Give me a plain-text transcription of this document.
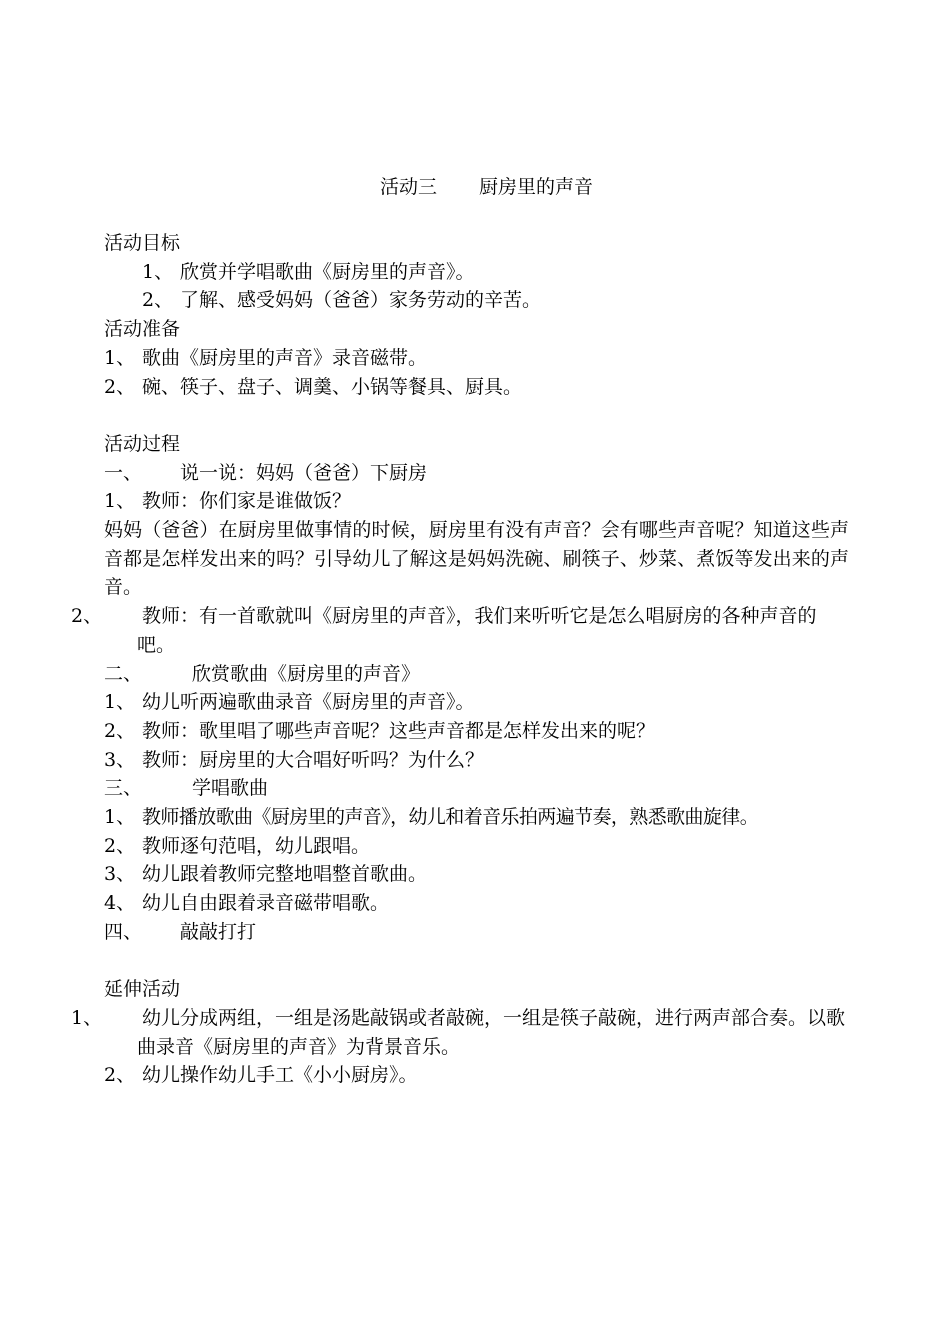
活动三 厨房里的声音
活动目标
1、 欣赏并学唱歌曲《厨房里的声音》。
2、 了解、感受妈妈（爸爸）家务劳动的辛苦。
活动准备
1、 歌曲《厨房里的声音》录音磁带。
2、 碗、筷子、盘子、调羹、小锅等餐具、厨具。
活动过程
一、 说一说：妈妈（爸爸）下厨房
1、 教师：你们家是谁做饭？
妈妈（爸爸）在厨房里做事情的时候，厨房里有没有声音？会有哪些声音呢？知道这些声音都是怎样发出来的吗？引导幼儿了解这是妈妈洗碗、刷筷子、炒菜、煮饭等发出来的声音。
2、 教师：有一首歌就叫《厨房里的声音》，我们来听听它是怎么唱厨房的各种声音的吧。
二、	欣赏歌曲《厨房里的声音》
1、 幼儿听两遍歌曲录音《厨房里的声音》。
2、 教师：歌里唱了哪些声音呢？这些声音都是怎样发出来的呢？
3、 教师：厨房里的大合唱好听吗？为什么？
三、	学唱歌曲
1、 教师播放歌曲《厨房里的声音》，幼儿和着音乐拍两遍节奏，熟悉歌曲旋律。
2、 教师逐句范唱，幼儿跟唱。
3、 幼儿跟着教师完整地唱整首歌曲。
4、 幼儿自由跟着录音磁带唱歌。
四、 敲敲打打
延伸活动
1、 幼儿分成两组，一组是汤匙敲锅或者敲碗，一组是筷子敲碗，进行两声部合奏。以歌曲录音《厨房里的声音》为背景音乐。
2、 幼儿操作幼儿手工《小小厨房》。
